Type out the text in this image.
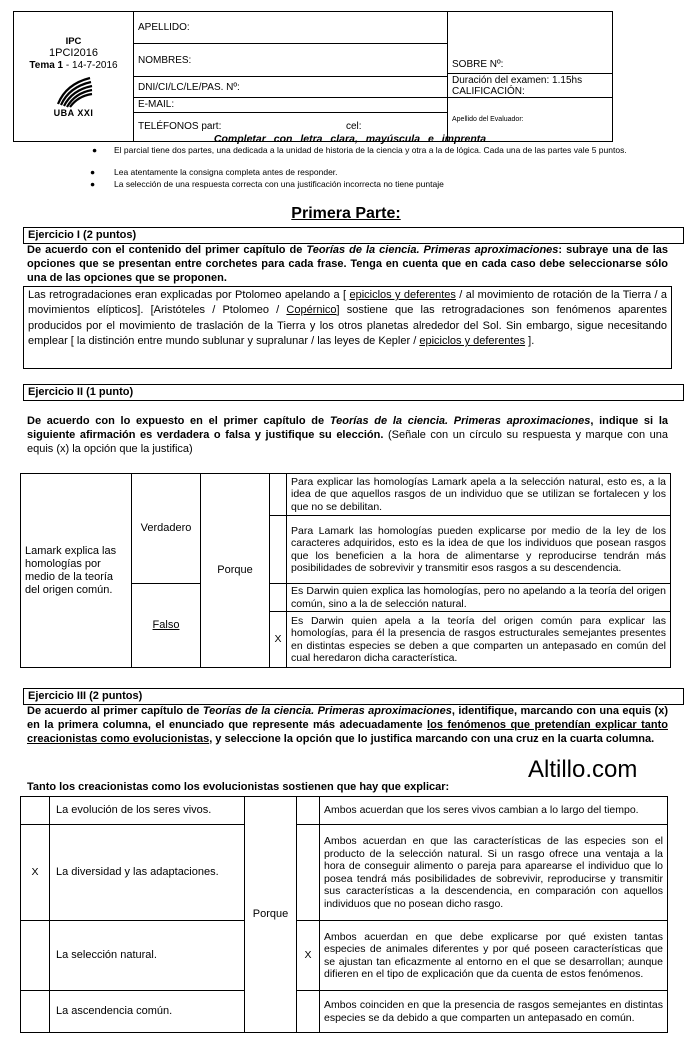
IPC
1PCI2016
Tema 1 - 14-7-2016
UBA XXI	APELLIDO:	SOBRE Nº:
	NOMBRES:	
		Duración del examen: 1.15hs
CALIFICACIÓN:
	DNI/CI/LC/LE/PAS. Nº:	

	E-MAIL:
TELÉFONOS part: cel:	Apellido del Evaluador:
Completar con letra clara, mayúscula e imprenta
●	El parcial tiene dos partes, una dedicada a la unidad de historia de la ciencia y otra a la de lógica. Cada una de las partes vale 5 puntos.
●	Lea atentamente la consigna completa antes de responder.
●	La selección de una respuesta correcta con una justificación incorrecta no tiene puntaje
Primera Parte:
Ejercicio I (2 puntos)
De acuerdo con el contenido del primer capítulo de Teorías de la ciencia. Primeras aproximaciones: subraye una de las opciones que se presentan entre corchetes para cada frase. Tenga en cuenta que en cada caso debe seleccionarse sólo una de las opciones que se proponen.
Las retrogradaciones eran explicadas por Ptolomeo apelando a [ epiciclos y deferentes / al movimiento de rotación de la Tierra / a movimientos elípticos]. [Aristóteles / Ptolomeo / Copérnico] sostiene que las retrogradaciones son fenómenos aparentes producidos por el movimiento de traslación de la Tierra y los otros planetas alrededor del Sol. Sin embargo, sigue necesitando emplear [ la distinción entre mundo sublunar y supralunar / las leyes de Kepler / epiciclos y deferentes ].
Ejercicio II (1 punto)
De acuerdo con lo expuesto en el primer capítulo de Teorías de la ciencia. Primeras aproximaciones, indique si la siguiente afirmación es verdadera o falsa y justifique su elección. (Señale con un círculo su respuesta y marque con una equis (x) la opción que la justifica)
Lamark explica las homologías por medio de la teoría del origen común.	Verdadero	Porque		Para explicar las homologías Lamark apela a la selección natural, esto es, a la idea de que aquellos rasgos de un individuo que se utilizan se fortalecen y los que no se debilitan.
				Para Lamark las homologías pueden explicarse por medio de la ley de los caracteres adquiridos, esto es la idea de que los individuos que posean rasgos que los beneficien a la hora de alimentarse y reproducirse tendrán más posibilidades de sobrevivir y transmitir esos rasgos a su descendencia.
	Falso			Es Darwin quien explica las homologías, pero no apelando a la teoría del origen común, sino a la de selección natural.
			X	Es Darwin quien apela a la teoría del origen común para explicar las homologías, para él la presencia de rasgos estructurales semejantes presentes en distintas especies se deben a que comparten un antepasado en común del cual heredaron dicha característica.
Ejercicio III (2 puntos)
De acuerdo al primer capítulo de Teorías de la ciencia. Primeras aproximaciones, identifique, marcando con una equis (x) en la primera columna, el enunciado que represente más adecuadamente los fenómenos que pretendían explicar tanto creacionistas como evolucionistas, y seleccione la opción que lo justifica marcando con una cruz en la cuarta columna.
Altillo.com
Tanto los creacionistas como los evolucionistas sostienen que hay que explicar:
	La evolución de los seres vivos.	Porque		Ambos acuerdan que los seres vivos cambian a lo largo del tiempo.
X	La diversidad y las adaptaciones.			Ambos acuerdan en que las características de las especies son el producto de la selección natural. Si un rasgo ofrece una ventaja a la hora de conseguir alimento o pareja para aparearse el individuo que lo posea tendrá más posibilidades de sobrevivir, reproducirse y transmitir sus características a la descendencia, en comparación con aquellos individuos que no posean dicho rasgo.
	La selección natural.		X	Ambos acuerdan en que debe explicarse por qué existen tantas especies de animales diferentes y por qué poseen características que se ajustan tan eficazmente al entorno en el que se desarrollan; aunque difieren en el tipo de explicación que da cuenta de estos fenómenos.
	La ascendencia común.			Ambos coinciden en que la presencia de rasgos semejantes en distintas especies se da debido a que comparten un antepasado en común.
